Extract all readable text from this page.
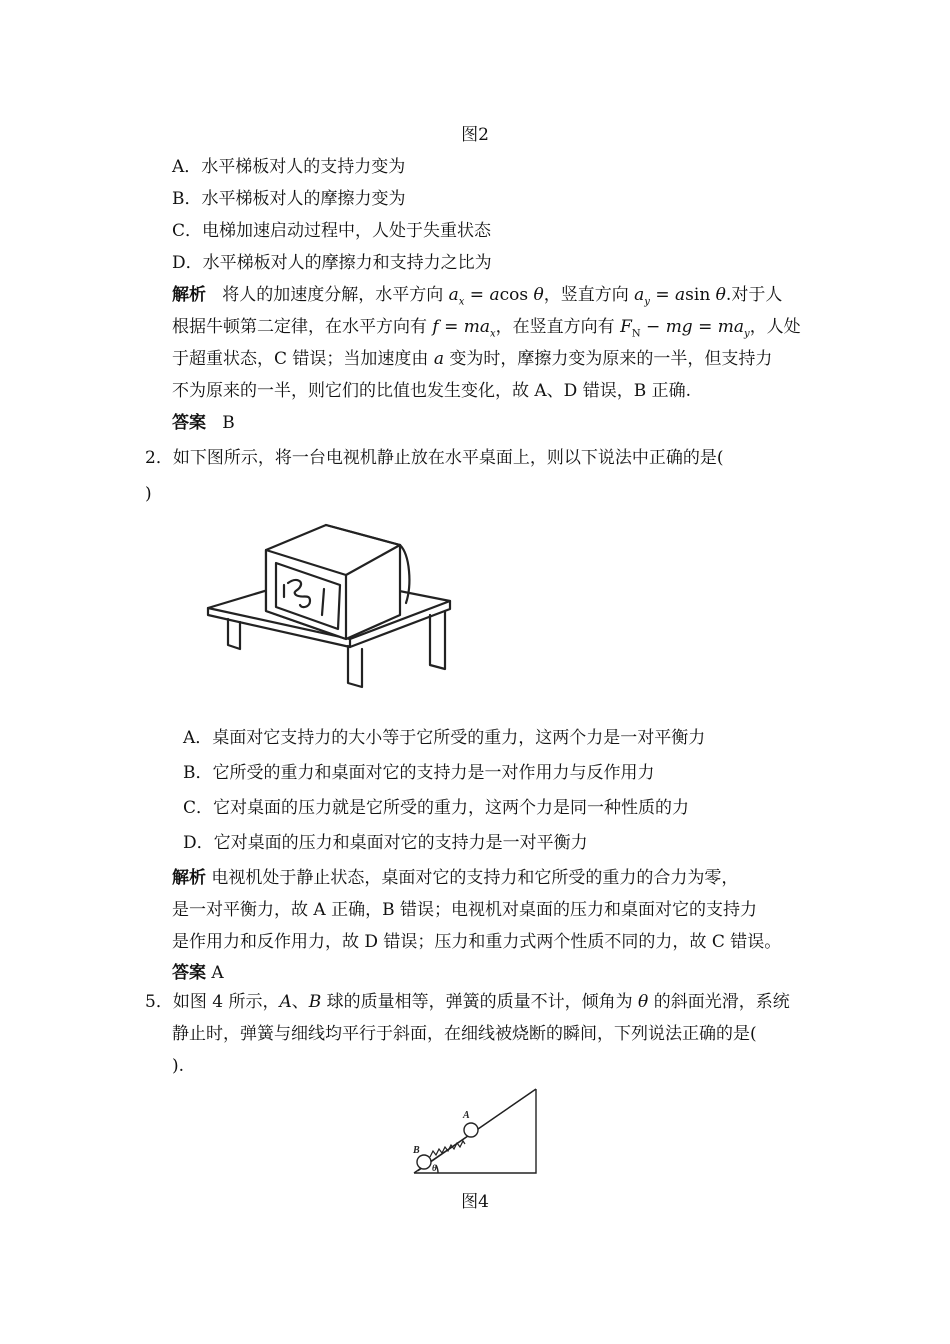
图2
A．水平梯板对人的支持力变为
B．水平梯板对人的摩擦力变为
C．电梯加速启动过程中，人处于失重状态
D．水平梯板对人的摩擦力和支持力之比为
解析 将人的加速度分解，水平方向 $a_x = acos$ θ，竖直方向 $a_y = asin$ θ.对于人
根据牛顿第二定律，在水平方向有 $f = ma_x$，在竖直方向有 $F_N$ − mg = $ma_y$，人处
于超重状态，C 错误；当加速度由 a 变为时，摩擦力变为原来的一半，但支持力
不为原来的一半，则它们的比值也发生变化，故 A、D 错误，B 正确.
答案 B
2．如下图所示，将一台电视机静止放在水平桌面上，则以下说法中正确的是(
)
A．桌面对它支持力的大小等于它所受的重力，这两个力是一对平衡力
B．它所受的重力和桌面对它的支持力是一对作用力与反作用力
C．它对桌面的压力就是它所受的重力，这两个力是同一种性质的力
D．它对桌面的压力和桌面对它的支持力是一对平衡力
解析 电视机处于静止状态，桌面对它的支持力和它所受的重力的合力为零，
是一对平衡力，故 A 正确，B 错误；电视机对桌面的压力和桌面对它的支持力
是作用力和反作用力，故 D 错误；压力和重力式两个性质不同的力，故 C 错误。
答案 A
5．如图 4 所示，A、B 球的质量相等，弹簧的质量不计，倾角为 θ 的斜面光滑，系统
静止时，弹簧与细线均平行于斜面，在细线被烧断的瞬间，下列说法正确的是(
).
B
A
θ
图4
